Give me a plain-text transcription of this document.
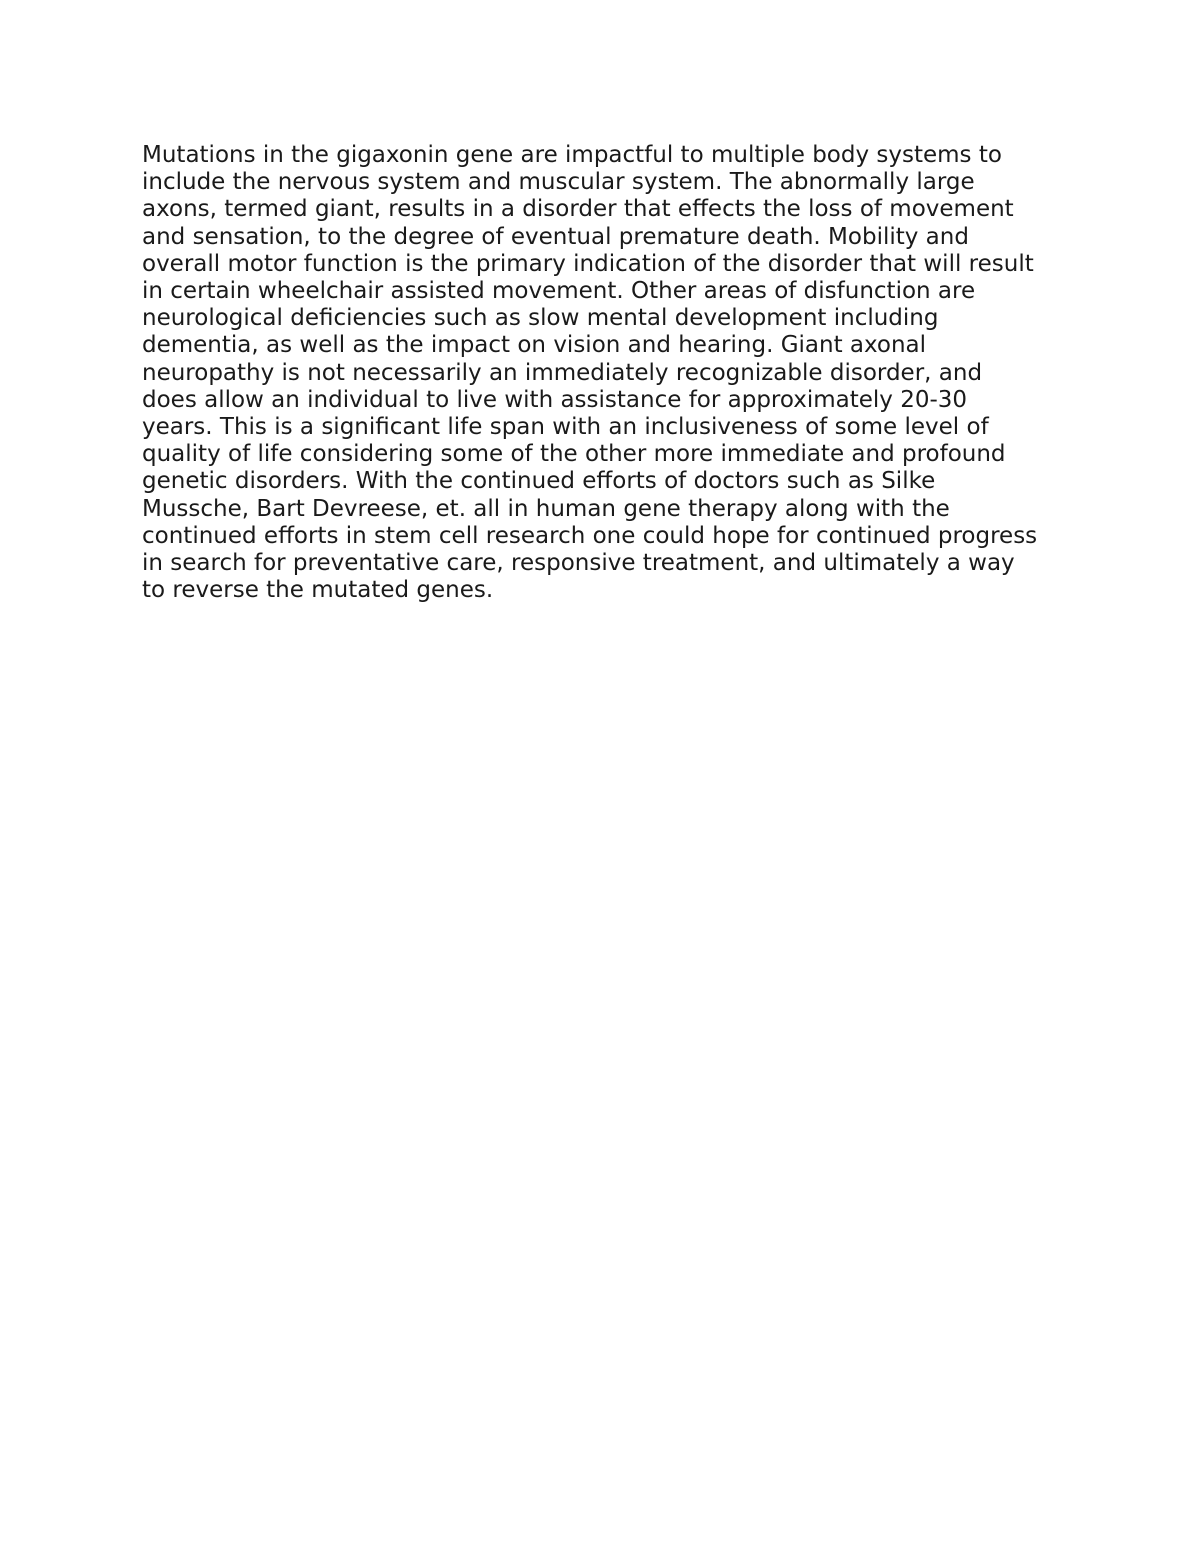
Mutations in the gigaxonin gene are impactful to multiple body systems to
include the nervous system and muscular system. The abnormally large
axons, termed giant, results in a disorder that effects the loss of movement
and sensation, to the degree of eventual premature death. Mobility and
overall motor function is the primary indication of the disorder that will result
in certain wheelchair assisted movement. Other areas of disfunction are
neurological deficiencies such as slow mental development including
dementia, as well as the impact on vision and hearing. Giant axonal
neuropathy is not necessarily an immediately recognizable disorder, and
does allow an individual to live with assistance for approximately 20-30
years. This is a significant life span with an inclusiveness of some level of
quality of life considering some of the other more immediate and profound
genetic disorders. With the continued efforts of doctors such as Silke
Mussche, Bart Devreese, et. all in human gene therapy along with the
continued efforts in stem cell research one could hope for continued progress
in search for preventative care, responsive treatment, and ultimately a way
to reverse the mutated genes.
